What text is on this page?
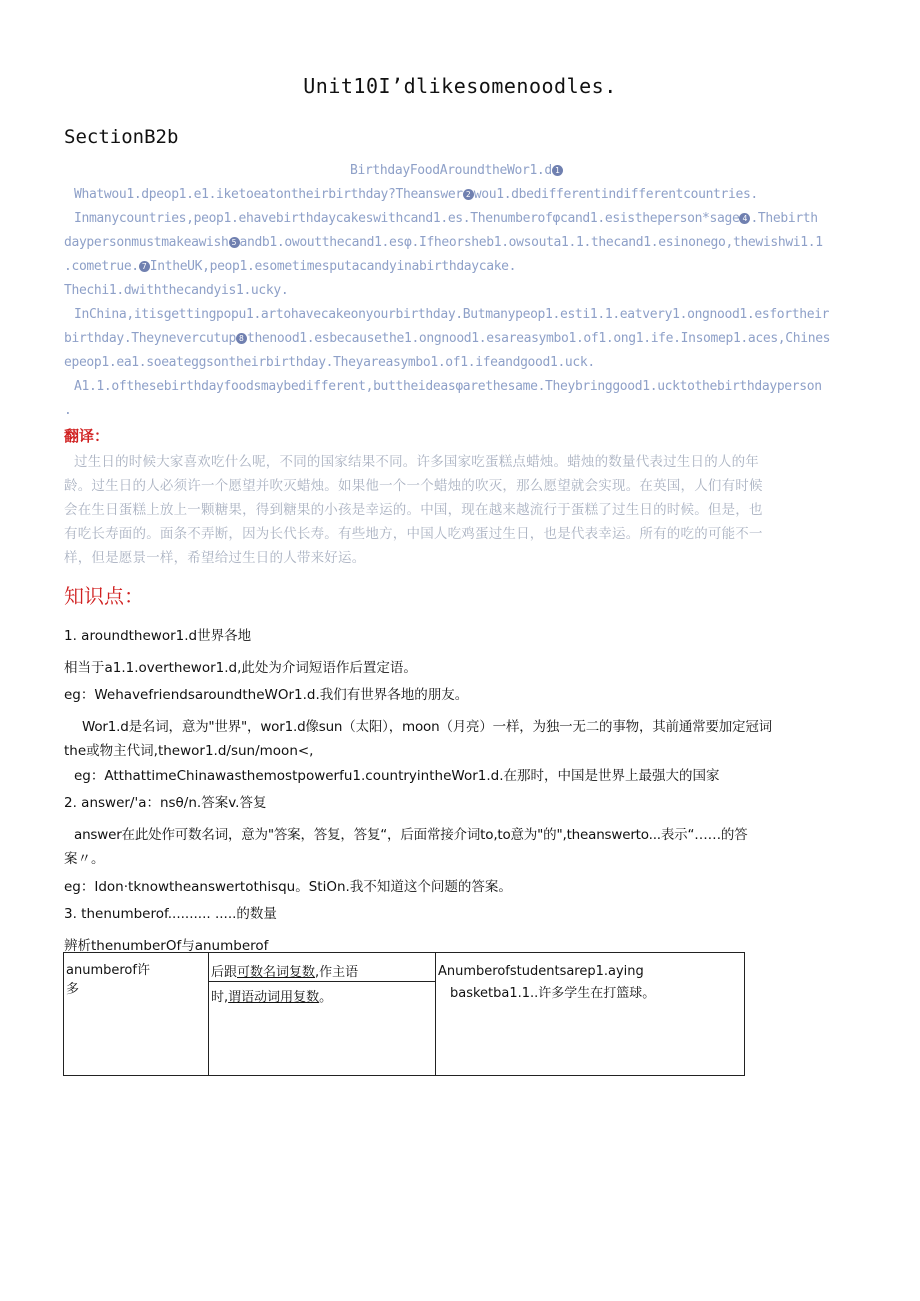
Unit10Iʼdlikesomenoodles.
SectionB2b
BirthdayFoodAroundtheWor1.d 1
Whatwou1.dpeop1.e1.iketoeatontheirbirthday?Theanswer 2 wou1.dbedifferentindifferentcountries.
Inmanycountries,peop1.ehavebirthdaycakeswithcand1.es.Thenumberofφcand1.esistheperson*sage 4 .Thebirth
daypersonmustmakeawish 5 andb1.owoutthecand1.esφ.Ifheorsheb1.owsouta1.1.thecand1.esinonego,thewishwi1.1
.cometrue. 7 IntheUK,peop1.esometimesputacandyinabirthdaycake.
Thechi1.dwiththecandyis1.ucky.
InChina,itisgettingpopu1.artohavecakeonyourbirthday.Butmanypeop1.esti1.1.eatvery1.ongnood1.esfortheir
birthday.Theynevercutup 8 thenood1.esbecausethe1.ongnood1.esareasymbo1.of1.ong1.ife.Insomep1.aces,Chines
epeop1.ea1.soeateggsontheirbirthday.Theyareasymbo1.of1.ifeandgood1.uck.
A1.1.ofthesebirthdayfoodsmaybedifferent,buttheideasφarethesame.Theybringgood1.ucktothebirthdayperson
.
翻译：
过生日的时候大家喜欢吃什么呢，不同的国家结果不同。许多国家吃蛋糕点蜡烛。蜡烛的数量代表过生日的人的年
龄。过生日的人必须许一个愿望并吹灭蜡烛。如果他一个一个蜡烛的吹灭，那么愿望就会实现。在英国，人们有时候
会在生日蛋糕上放上一颗糖果，得到糖果的小孩是幸运的。中国，现在越来越流行于蛋糕了过生日的时候。但是，也
有吃长寿面的。面条不弄断，因为长代长寿。有些地方，中国人吃鸡蛋过生日，也是代表幸运。所有的吃的可能不一
样，但是愿景一样，希望给过生日的人带来好运。
知识点：
1. aroundthewor1.d世界各地
相当于a1.1.overthewor1.d,此处为介词短语作后置定语。
eg：WehavefriendsaroundtheWOr1.d.我们有世界各地的朋友。
Wor1.d是名词，意为"世界"，wor1.d像sun（太阳），moon（月亮）一样，为独一无二的事物，其前通常要加定冠词
the或物主代词,thewor1.d/sun/moon<,
eg：AtthattimeChinawasthemostpowerfu1.countryintheWor1.d.在那时，中国是世界上最强大的国家
2. answer/'a：nsθ/n.答案v.答复
answer在此处作可数名词，意为"答案，答复，答复“，后面常接介词to,to意为"的",theanswerto...表示“……的答
案〃。
eg：Idon·tknowtheanswertothisqu。StiOn.我不知道这个问题的答案。
3. thenumberof.......... .....的数量
辨析thenumberOf与anumberof
anumberof许
多

后跟可数名词复数,作主语
时,谓语动词用复数。

Anumberofstudentsarep1.aying
basketba1.1..许多学生在打篮球。
